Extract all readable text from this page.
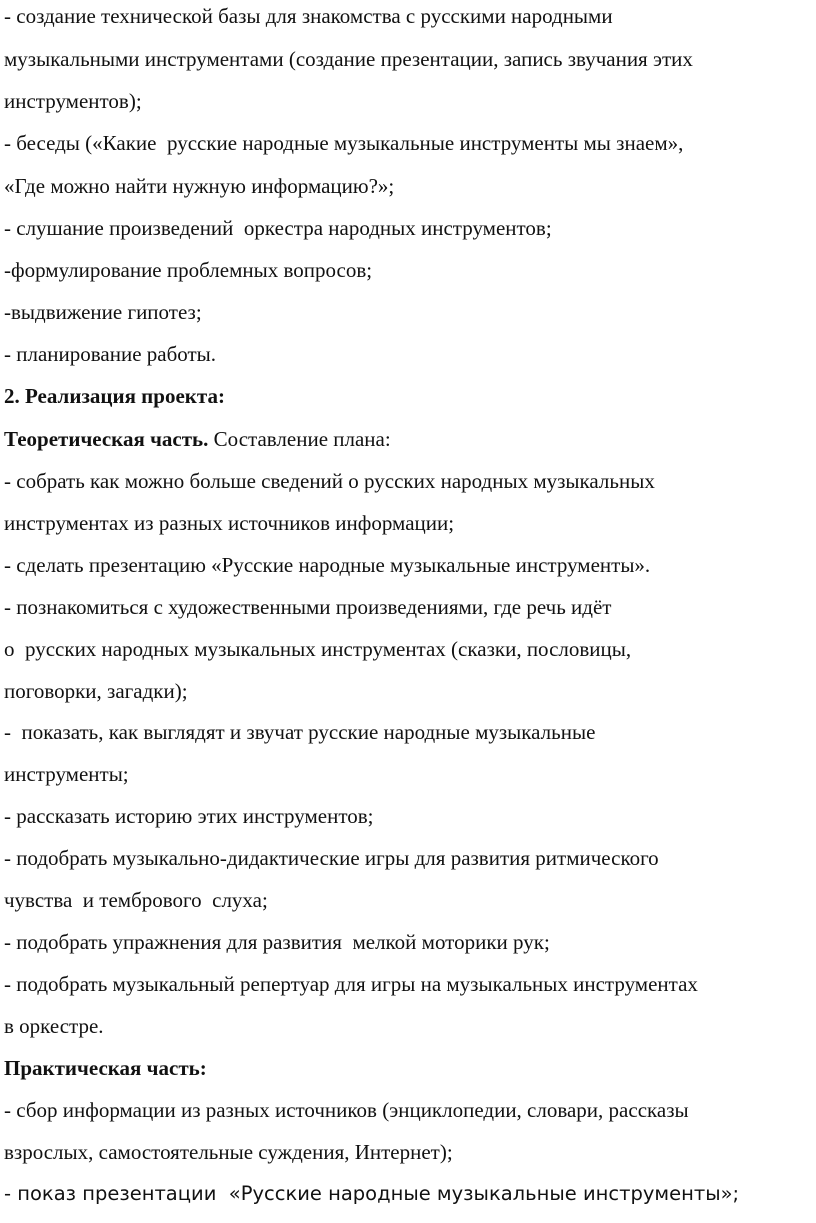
- создание технической базы для знакомства с русскими народными
музыкальными инструментами (создание презентации, запись звучания этих
инструментов);
- беседы («Какие  русские народные музыкальные инструменты мы знаем»,
«Где можно найти нужную информацию?»;
- слушание произведений  оркестра народных инструментов;
-формулирование проблемных вопросов;
-выдвижение гипотез;
- планирование работы.
2. Реализация проекта:
Теоретическая часть. Составление плана:
- собрать как можно больше сведений о русских народных музыкальных
инструментах из разных источников информации;
- сделать презентацию «Русские народные музыкальные инструменты».
- познакомиться с художественными произведениями, где речь идёт
о  русских народных музыкальных инструментах (сказки, пословицы,
поговорки, загадки);
-  показать, как выглядят и звучат русские народные музыкальные
инструменты;
- рассказать историю этих инструментов;
- подобрать музыкально-дидактические игры для развития ритмического
чувства  и тембрового  слуха;
- подобрать упражнения для развития  мелкой моторики рук;
- подобрать музыкальный репертуар для игры на музыкальных инструментах
в оркестре.
Практическая часть:
- сбор информации из разных источников (энциклопедии, словари, рассказы
взрослых, самостоятельные суждения, Интернет);
- показ презентации  «Русские народные музыкальные инструменты»;
